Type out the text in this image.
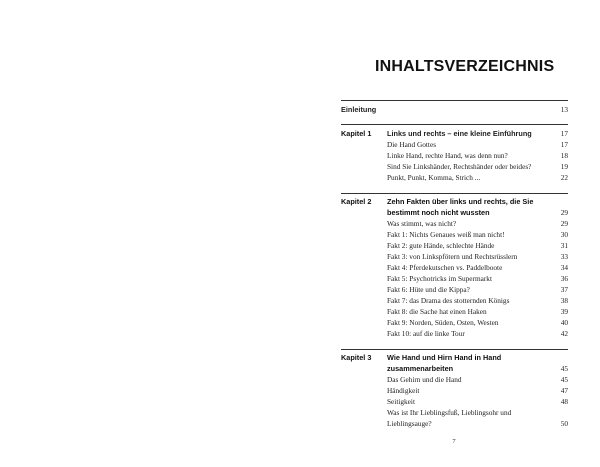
INHALTSVERZEICHNIS
Einleitung	13
Kapitel 1	Links und rechts – eine kleine Einführung	17
Die Hand Gottes	17
Linke Hand, rechte Hand, was denn nun?	18
Sind Sie Linkshänder, Rechtshänder oder beides?	19
Punkt, Punkt, Komma, Strich ...	22
Kapitel 2	Zehn Fakten über links und rechts, die Sie bestimmt noch nicht wussten	29
Was stimmt, was nicht?	29
Fakt 1: Nichts Genaues weiß man nicht!	30
Fakt 2: gute Hände, schlechte Hände	31
Fakt 3: von Linkspfötern und Rechtsrüsslern	33
Fakt 4: Pferdekutschen vs. Paddelboote	34
Fakt 5: Psychotricks im Supermarkt	36
Fakt 6: Hüte und die Kippa?	37
Fakt 7: das Drama des stotternden Königs	38
Fakt 8: die Sache hat einen Haken	39
Fakt 9: Norden, Süden, Osten, Westen	40
Fakt 10: auf die linke Tour	42
Kapitel 3	Wie Hand und Hirn Hand in Hand zusammenarbeiten	45
Das Gehirn und die Hand	45
Händigkeit	47
Seitigkeit	48
Was ist Ihr Lieblingsfuß, Lieblingsohr und Lieblingsauge?	50
7
